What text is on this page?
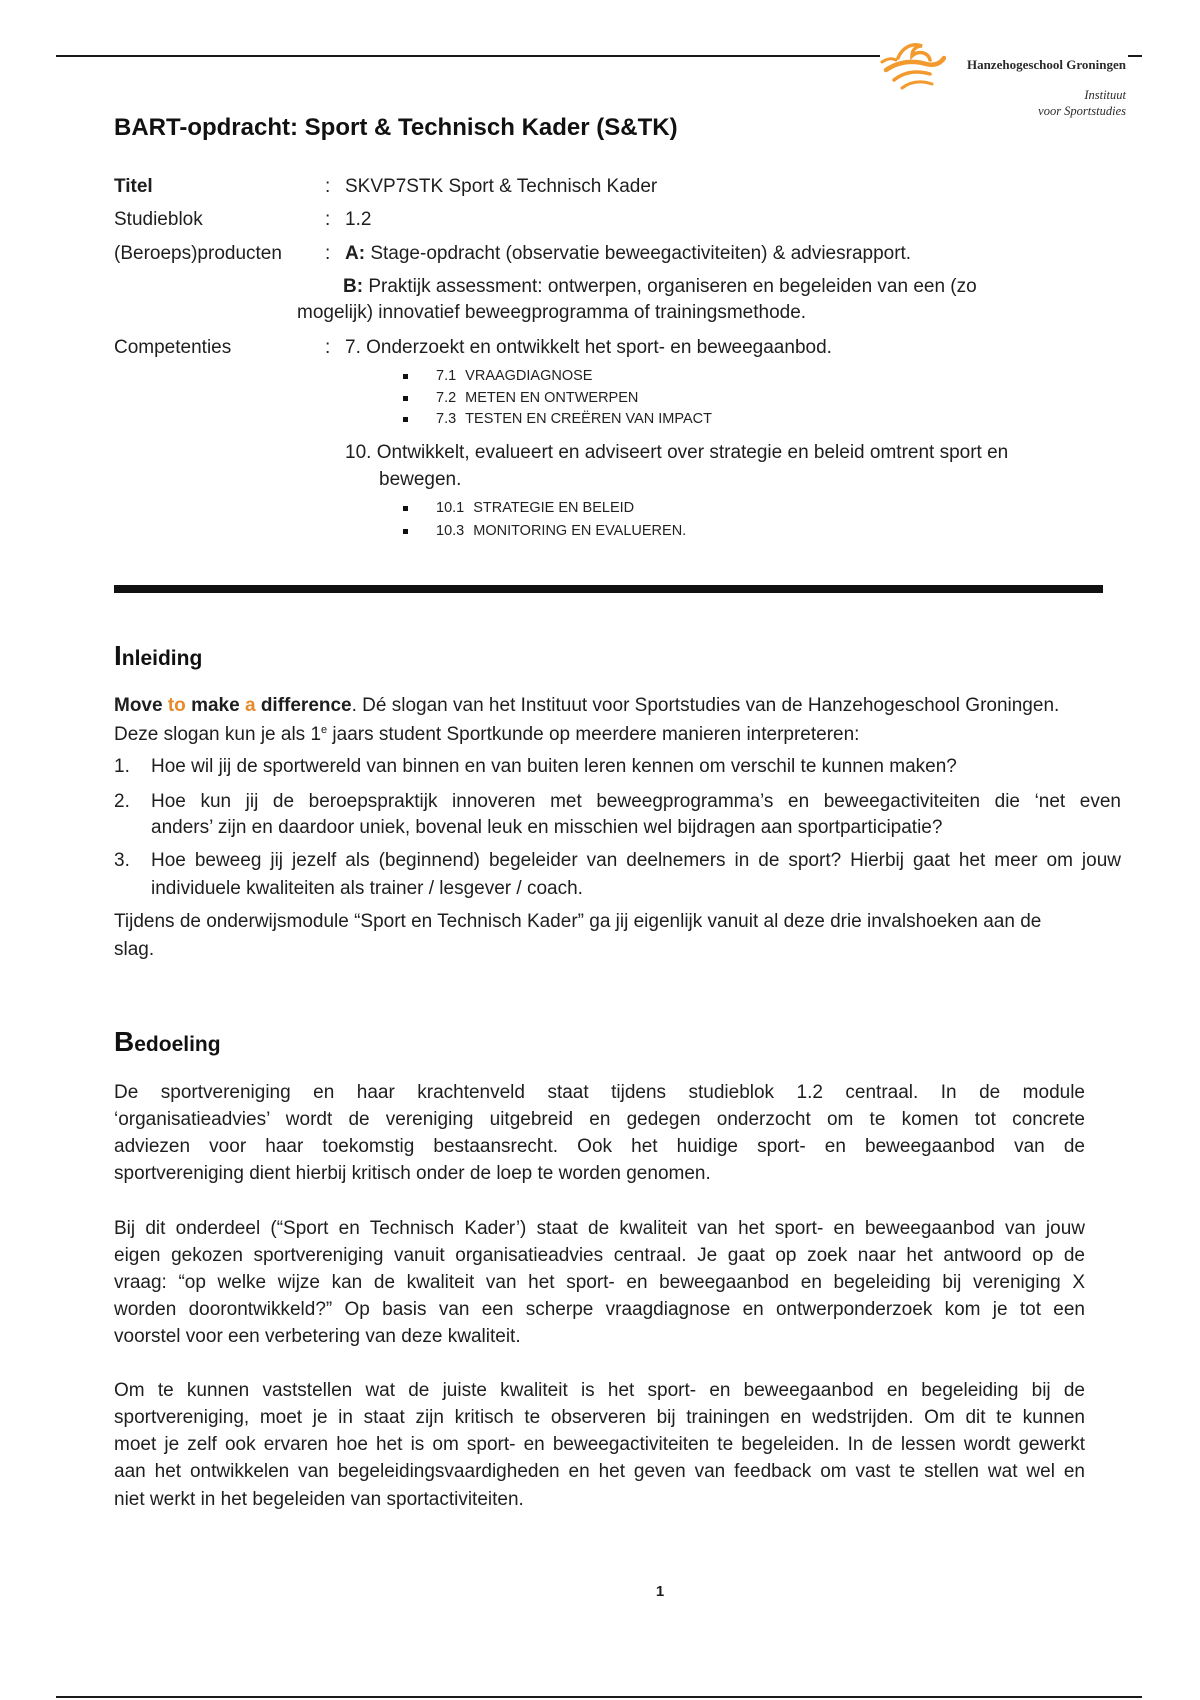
Hanzehogeschool Groningen
Instituut
voor Sportstudies
BART-opdracht: Sport & Technisch Kader (S&TK)
Titel	: SKVP7STK Sport & Technisch Kader
Studieblok	: 1.2
(Beroeps)producten : A: Stage-opdracht (observatie beweegactiviteiten) & adviesrapport.
B: Praktijk assessment: ontwerpen, organiseren en begeleiden van een (zo
mogelijk) innovatief beweegprogramma of trainingsmethode.
Competenties	: 7. Onderzoekt en ontwikkelt het sport- en beweegaanbod.
7.1 VRAAGDIAGNOSE
7.2 METEN EN ONTWERPEN
7.3 TESTEN EN CREËREN VAN IMPACT
10. Ontwikkelt, evalueert en adviseert over strategie en beleid omtrent sport en
bewegen.
10.1 STRATEGIE EN BELEID
10.3 MONITORING EN EVALUEREN.
Inleiding
Move to make a difference. Dé slogan van het Instituut voor Sportstudies van de Hanzehogeschool Groningen.
Deze slogan kun je als 1e jaars student Sportkunde op meerdere manieren interpreteren:
1. Hoe wil jij de sportwereld van binnen en van buiten leren kennen om verschil te kunnen maken?
2. Hoe kun jij de beroepspraktijk innoveren met beweegprogramma’s en beweegactiviteiten die ‘net even
anders’ zijn en daardoor uniek, bovenal leuk en misschien wel bijdragen aan sportparticipatie?
3. Hoe beweeg jij jezelf als (beginnend) begeleider van deelnemers in de sport? Hierbij gaat het meer om jouw
individuele kwaliteiten als trainer / lesgever / coach.
Tijdens de onderwijsmodule “Sport en Technisch Kader” ga jij eigenlijk vanuit al deze drie invalshoeken aan de
slag.
Bedoeling
De sportvereniging en haar krachtenveld staat tijdens studieblok 1.2 centraal. In de module
‘organisatieadvies’ wordt de vereniging uitgebreid en gedegen onderzocht om te komen tot concrete
adviezen voor haar toekomstig bestaansrecht. Ook het huidige sport- en beweegaanbod van de
sportvereniging dient hierbij kritisch onder de loep te worden genomen.
Bij dit onderdeel (“Sport en Technisch Kader’) staat de kwaliteit van het sport- en beweegaanbod van jouw
eigen gekozen sportvereniging vanuit organisatieadvies centraal. Je gaat op zoek naar het antwoord op de
vraag: “op welke wijze kan de kwaliteit van het sport- en beweegaanbod en begeleiding bij vereniging X
worden doorontwikkeld?” Op basis van een scherpe vraagdiagnose en ontwerponderzoek kom je tot een
voorstel voor een verbetering van deze kwaliteit.
Om te kunnen vaststellen wat de juiste kwaliteit is het sport- en beweegaanbod en begeleiding bij de
sportvereniging, moet je in staat zijn kritisch te observeren bij trainingen en wedstrijden. Om dit te kunnen
moet je zelf ook ervaren hoe het is om sport- en beweegactiviteiten te begeleiden. In de lessen wordt gewerkt
aan het ontwikkelen van begeleidingsvaardigheden en het geven van feedback om vast te stellen wat wel en
niet werkt in het begeleiden van sportactiviteiten.
1
